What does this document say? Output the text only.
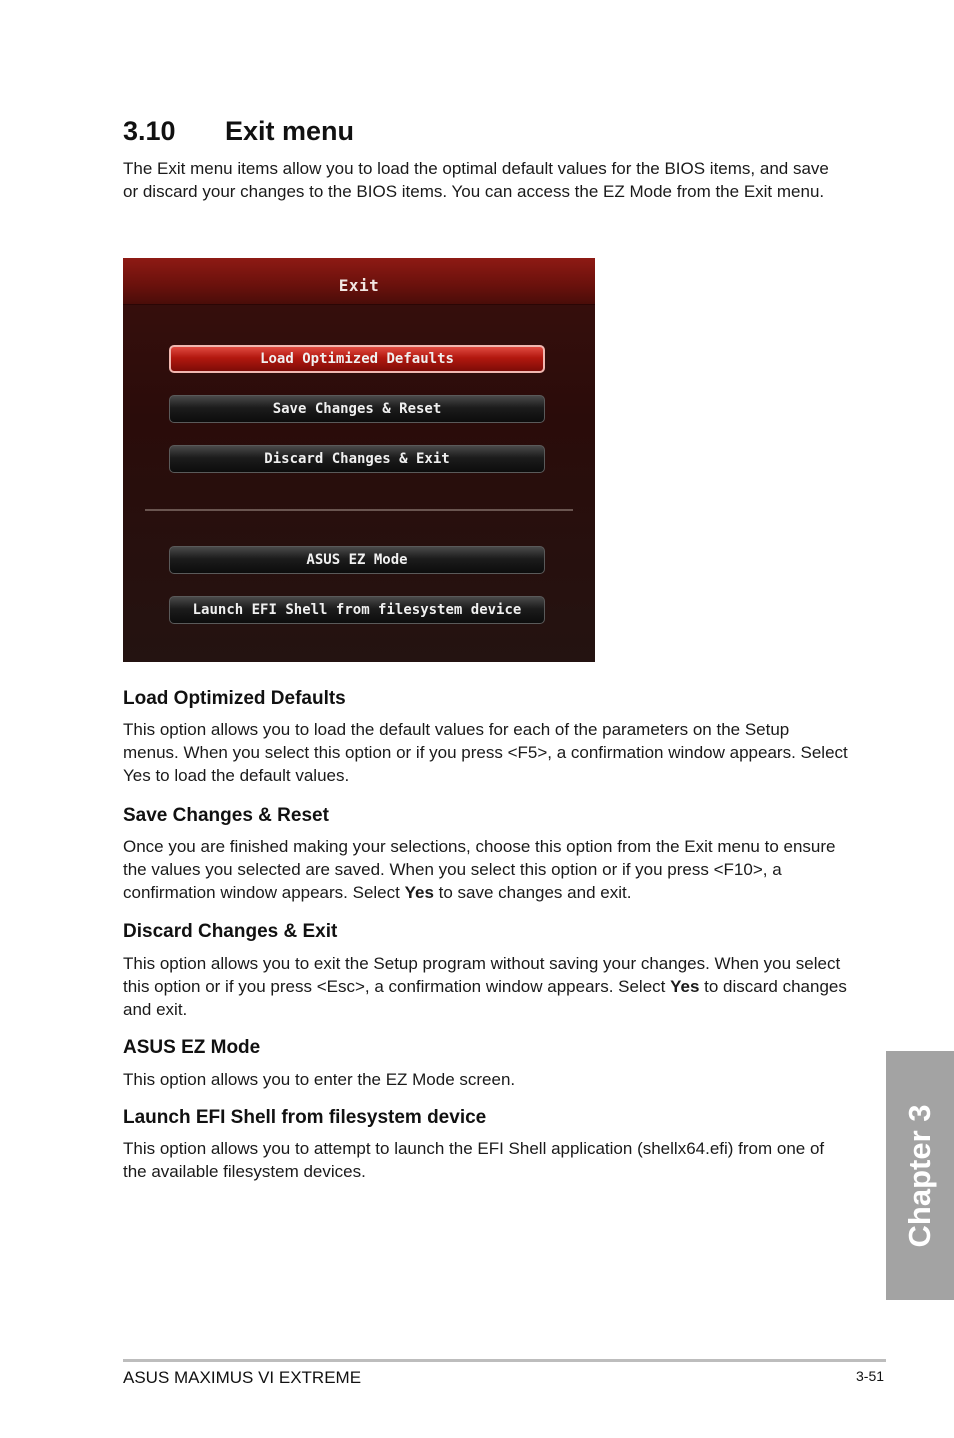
3.10 Exit menu

The Exit menu items allow you to load the optimal default values for the BIOS items, and save or discard your changes to the BIOS items. You can access the EZ Mode from the Exit menu.

Exit
Load Optimized Defaults
Save Changes & Reset
Discard Changes & Exit
ASUS EZ Mode
Launch EFI Shell from filesystem device
Load Optimized Defaults

This option allows you to load the default values for each of the parameters on the Setup menus. When you select this option or if you press <F5>, a confirmation window appears. Select Yes to load the default values.

Save Changes & Reset

Once you are finished making your selections, choose this option from the Exit menu to ensure the values you selected are saved. When you select this option or if you press <F10>, a confirmation window appears. Select Yes to save changes and exit.

Discard Changes & Exit

This option allows you to exit the Setup program without saving your changes. When you select this option or if you press <Esc>, a confirmation window appears. Select Yes to discard changes and exit.

ASUS EZ Mode

This option allows you to enter the EZ Mode screen.

Launch EFI Shell from filesystem device

This option allows you to attempt to launch the EFI Shell application (shellx64.efi) from one of the available filesystem devices.	Chapter 3
ASUS MAXIMUS VI EXTREME	3-51
